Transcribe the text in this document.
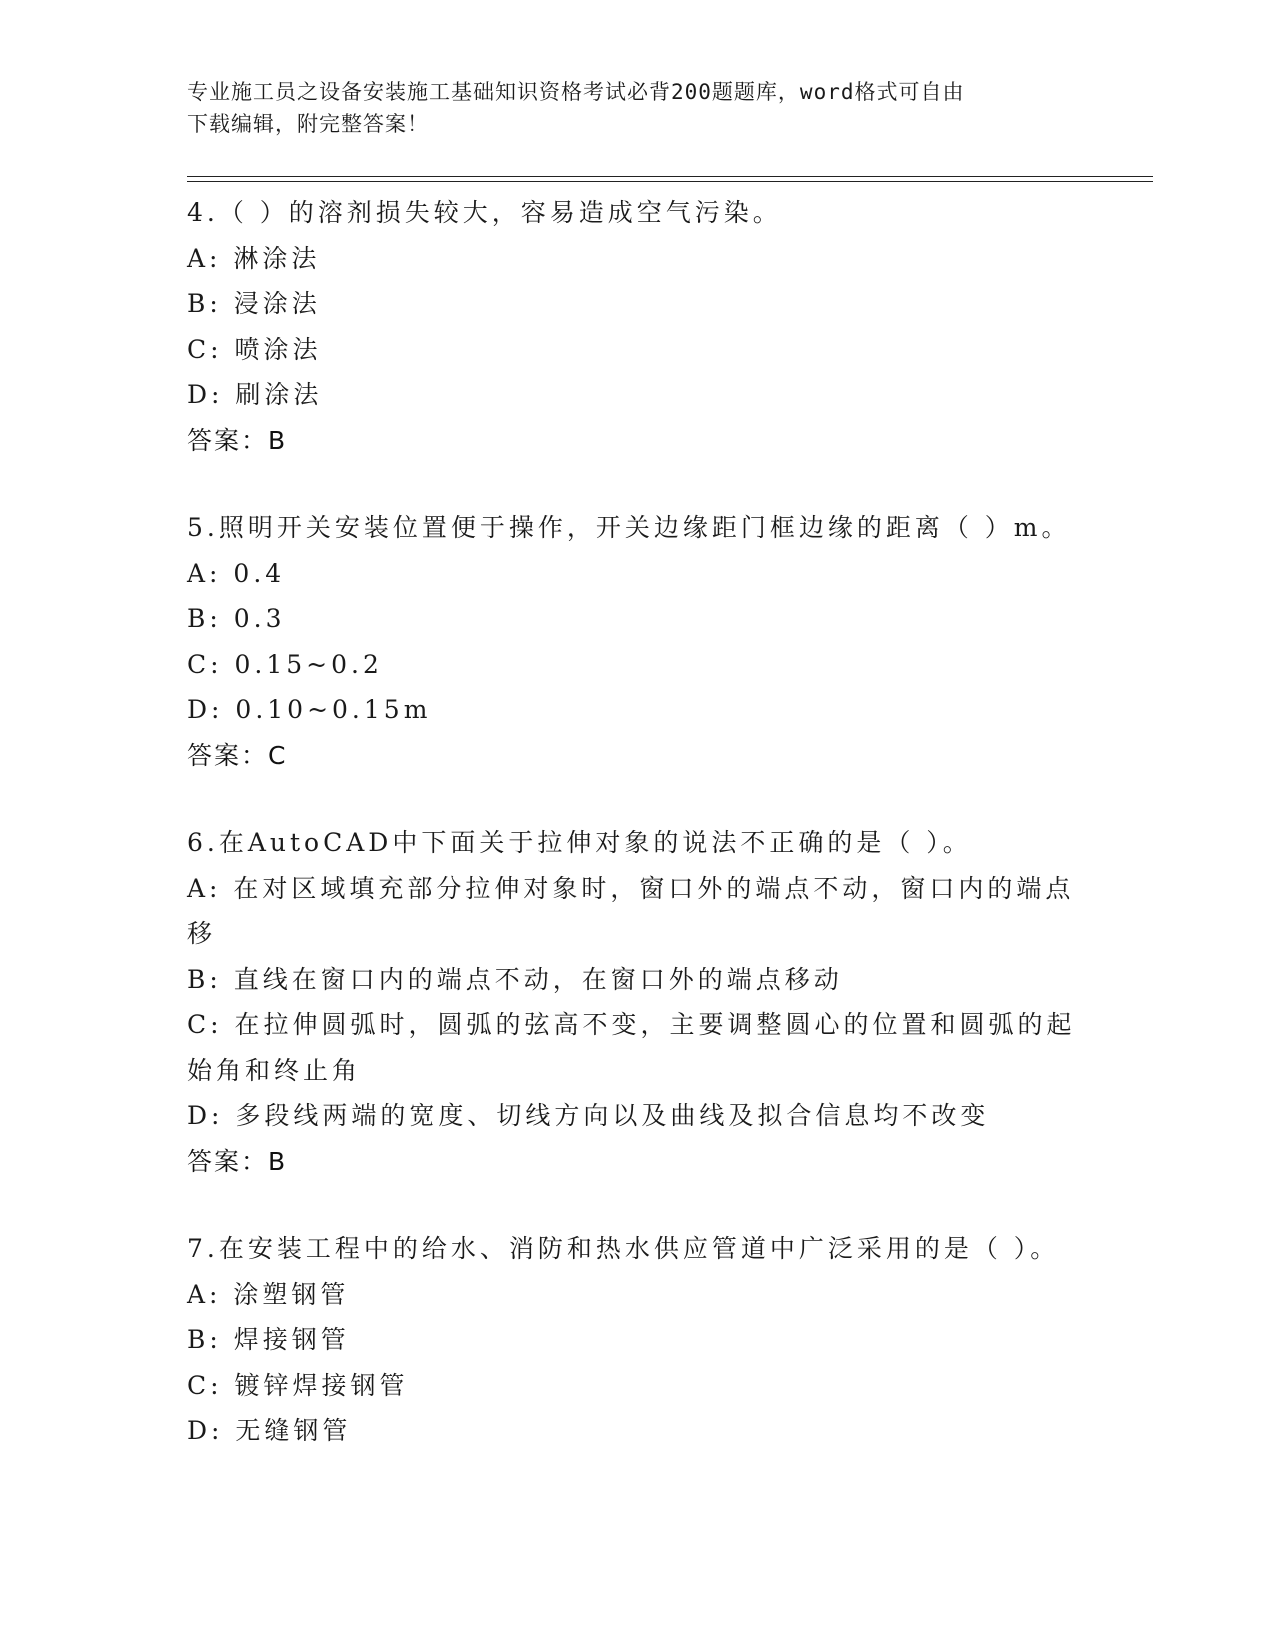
专业施工员之设备安装施工基础知识资格考试必背200题题库，word格式可自由
下载编辑，附完整答案！
4.（ ）的溶剂损失较大，容易造成空气污染。
A: 淋涂法
B: 浸涂法
C: 喷涂法
D: 刷涂法
答案：B
5.照明开关安装位置便于操作，开关边缘距门框边缘的距离（ ）m。
A: 0.4
B: 0.3
C: 0.15~0.2
D: 0.10~0.15m
答案：C
6.在AutoCAD中下面关于拉伸对象的说法不正确的是（ ）。
A: 在对区域填充部分拉伸对象时，窗口外的端点不动，窗口内的端点移
B: 直线在窗口内的端点不动，在窗口外的端点移动
C: 在拉伸圆弧时，圆弧的弦高不变，主要调整圆心的位置和圆弧的起始角和终止角
D: 多段线两端的宽度、切线方向以及曲线及拟合信息均不改变
答案：B
7.在安装工程中的给水、消防和热水供应管道中广泛采用的是（ ）。
A: 涂塑钢管
B: 焊接钢管
C: 镀锌焊接钢管
D: 无缝钢管
